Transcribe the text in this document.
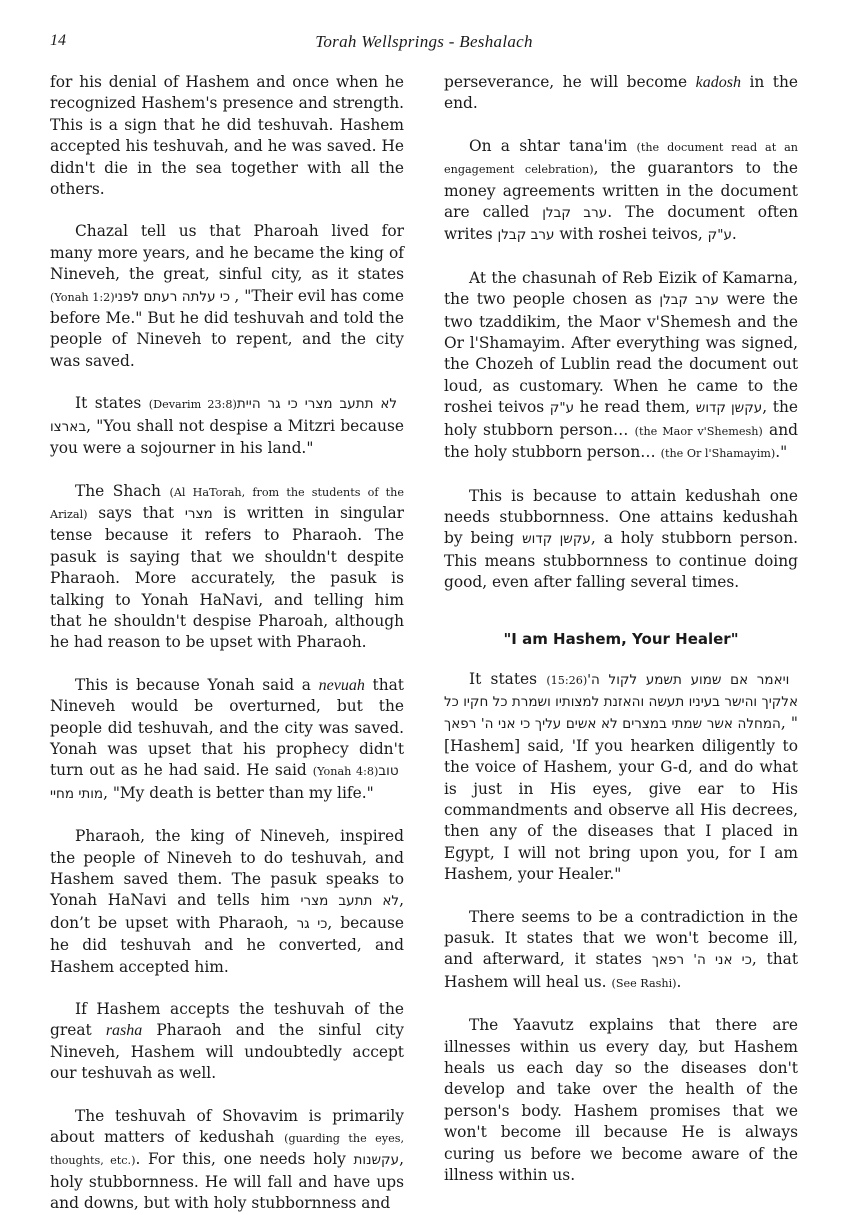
14	Torah Wellsprings - Beshalach

for his denial of Hashem and once when he recognized Hashem's presence and strength. This is a sign that he did teshuvah. Hashem accepted his teshuvah, and he was saved. He didn't die in the sea together with all the others.

Chazal tell us that Pharoah lived for many more years, and he became the king of Nineveh, the great, sinful city, as it states (Yonah 1:2) כי עלתה רעתם לפני, "Their evil has come before Me." But he did teshuvah and told the people of Nineveh to repent, and the city was saved.

It states (Devarim 23:8) לא תתעב מצרי כי גר היית בארצו, "You shall not despise a Mitzri because you were a sojourner in his land."

The Shach (Al HaTorah, from the students of the Arizal) says that מצרי is written in singular tense because it refers to Pharaoh. The pasuk is saying that we shouldn't despite Pharaoh. More accurately, the pasuk is talking to Yonah HaNavi, and telling him that he shouldn't despise Pharoah, although he had reason to be upset with Pharaoh.

This is because Yonah said a nevuah that Nineveh would be overturned, but the people did teshuvah, and the city was saved. Yonah was upset that his prophecy didn't turn out as he had said. He said (Yonah 4:8) טוב מותי מחיי, "My death is better than my life."

Pharaoh, the king of Nineveh, inspired the people of Nineveh to do teshuvah, and Hashem saved them. The pasuk speaks to Yonah HaNavi and tells him לא תתעב מצרי, don’t be upset with Pharaoh, כי גר, because he did teshuvah and he converted, and Hashem accepted him.

If Hashem accepts the teshuvah of the great rasha Pharaoh and the sinful city Nineveh, Hashem will undoubtedly accept our teshuvah as well.

The teshuvah of Shovavim is primarily about matters of kedushah (guarding the eyes, thoughts, etc.). For this, one needs holy עקשנות, holy stubbornness. He will fall and have ups and downs, but with holy stubbornness and

perseverance, he will become kadosh in the end.

On a shtar tana'im (the document read at an engagement celebration), the guarantors to the money agreements written in the document are called ערב קבלן. The document often writes ערב קבלן with roshei teivos, ע"ק.

At the chasunah of Reb Eizik of Kamarna, the two people chosen as ערב קבלן were the two tzaddikim, the Maor v'Shemesh and the Or l'Shamayim. After everything was signed, the Chozeh of Lublin read the document out loud, as customary. When he came to the roshei teivos ע"ק he read them, עקשן קדוש, the holy stubborn person… (the Maor v'Shemesh) and the holy stubborn person… (the Or l'Shamayim)."

This is because to attain kedushah one needs stubbornness. One attains kedushah by being עקשן קדוש, a holy stubborn person. This means stubbornness to continue doing good, even after falling several times.

"I am Hashem, Your Healer"

It states (15:26) ויאמר אם שמוע תשמע לקול ה' אלקיך והישר בעיניו תעשה והאזנת למצותיו ושמרת כל חקיו כל המחלה אשר שמתי במצרים לא אשים עליך כי אני ה' רפאך, "[Hashem] said, 'If you hearken diligently to the voice of Hashem, your G-d, and do what is just in His eyes, give ear to His commandments and observe all His decrees, then any of the diseases that I placed in Egypt, I will not bring upon you, for I am Hashem, your Healer."

There seems to be a contradiction in the pasuk. It states that we won't become ill, and afterward, it states כי אני ה' רפאך, that Hashem will heal us. (See Rashi).

The Yaavutz explains that there are illnesses within us every day, but Hashem heals us each day so the diseases don't develop and take over the health of the person's body. Hashem promises that we won't become ill because He is always curing us before we become aware of the illness within us.
